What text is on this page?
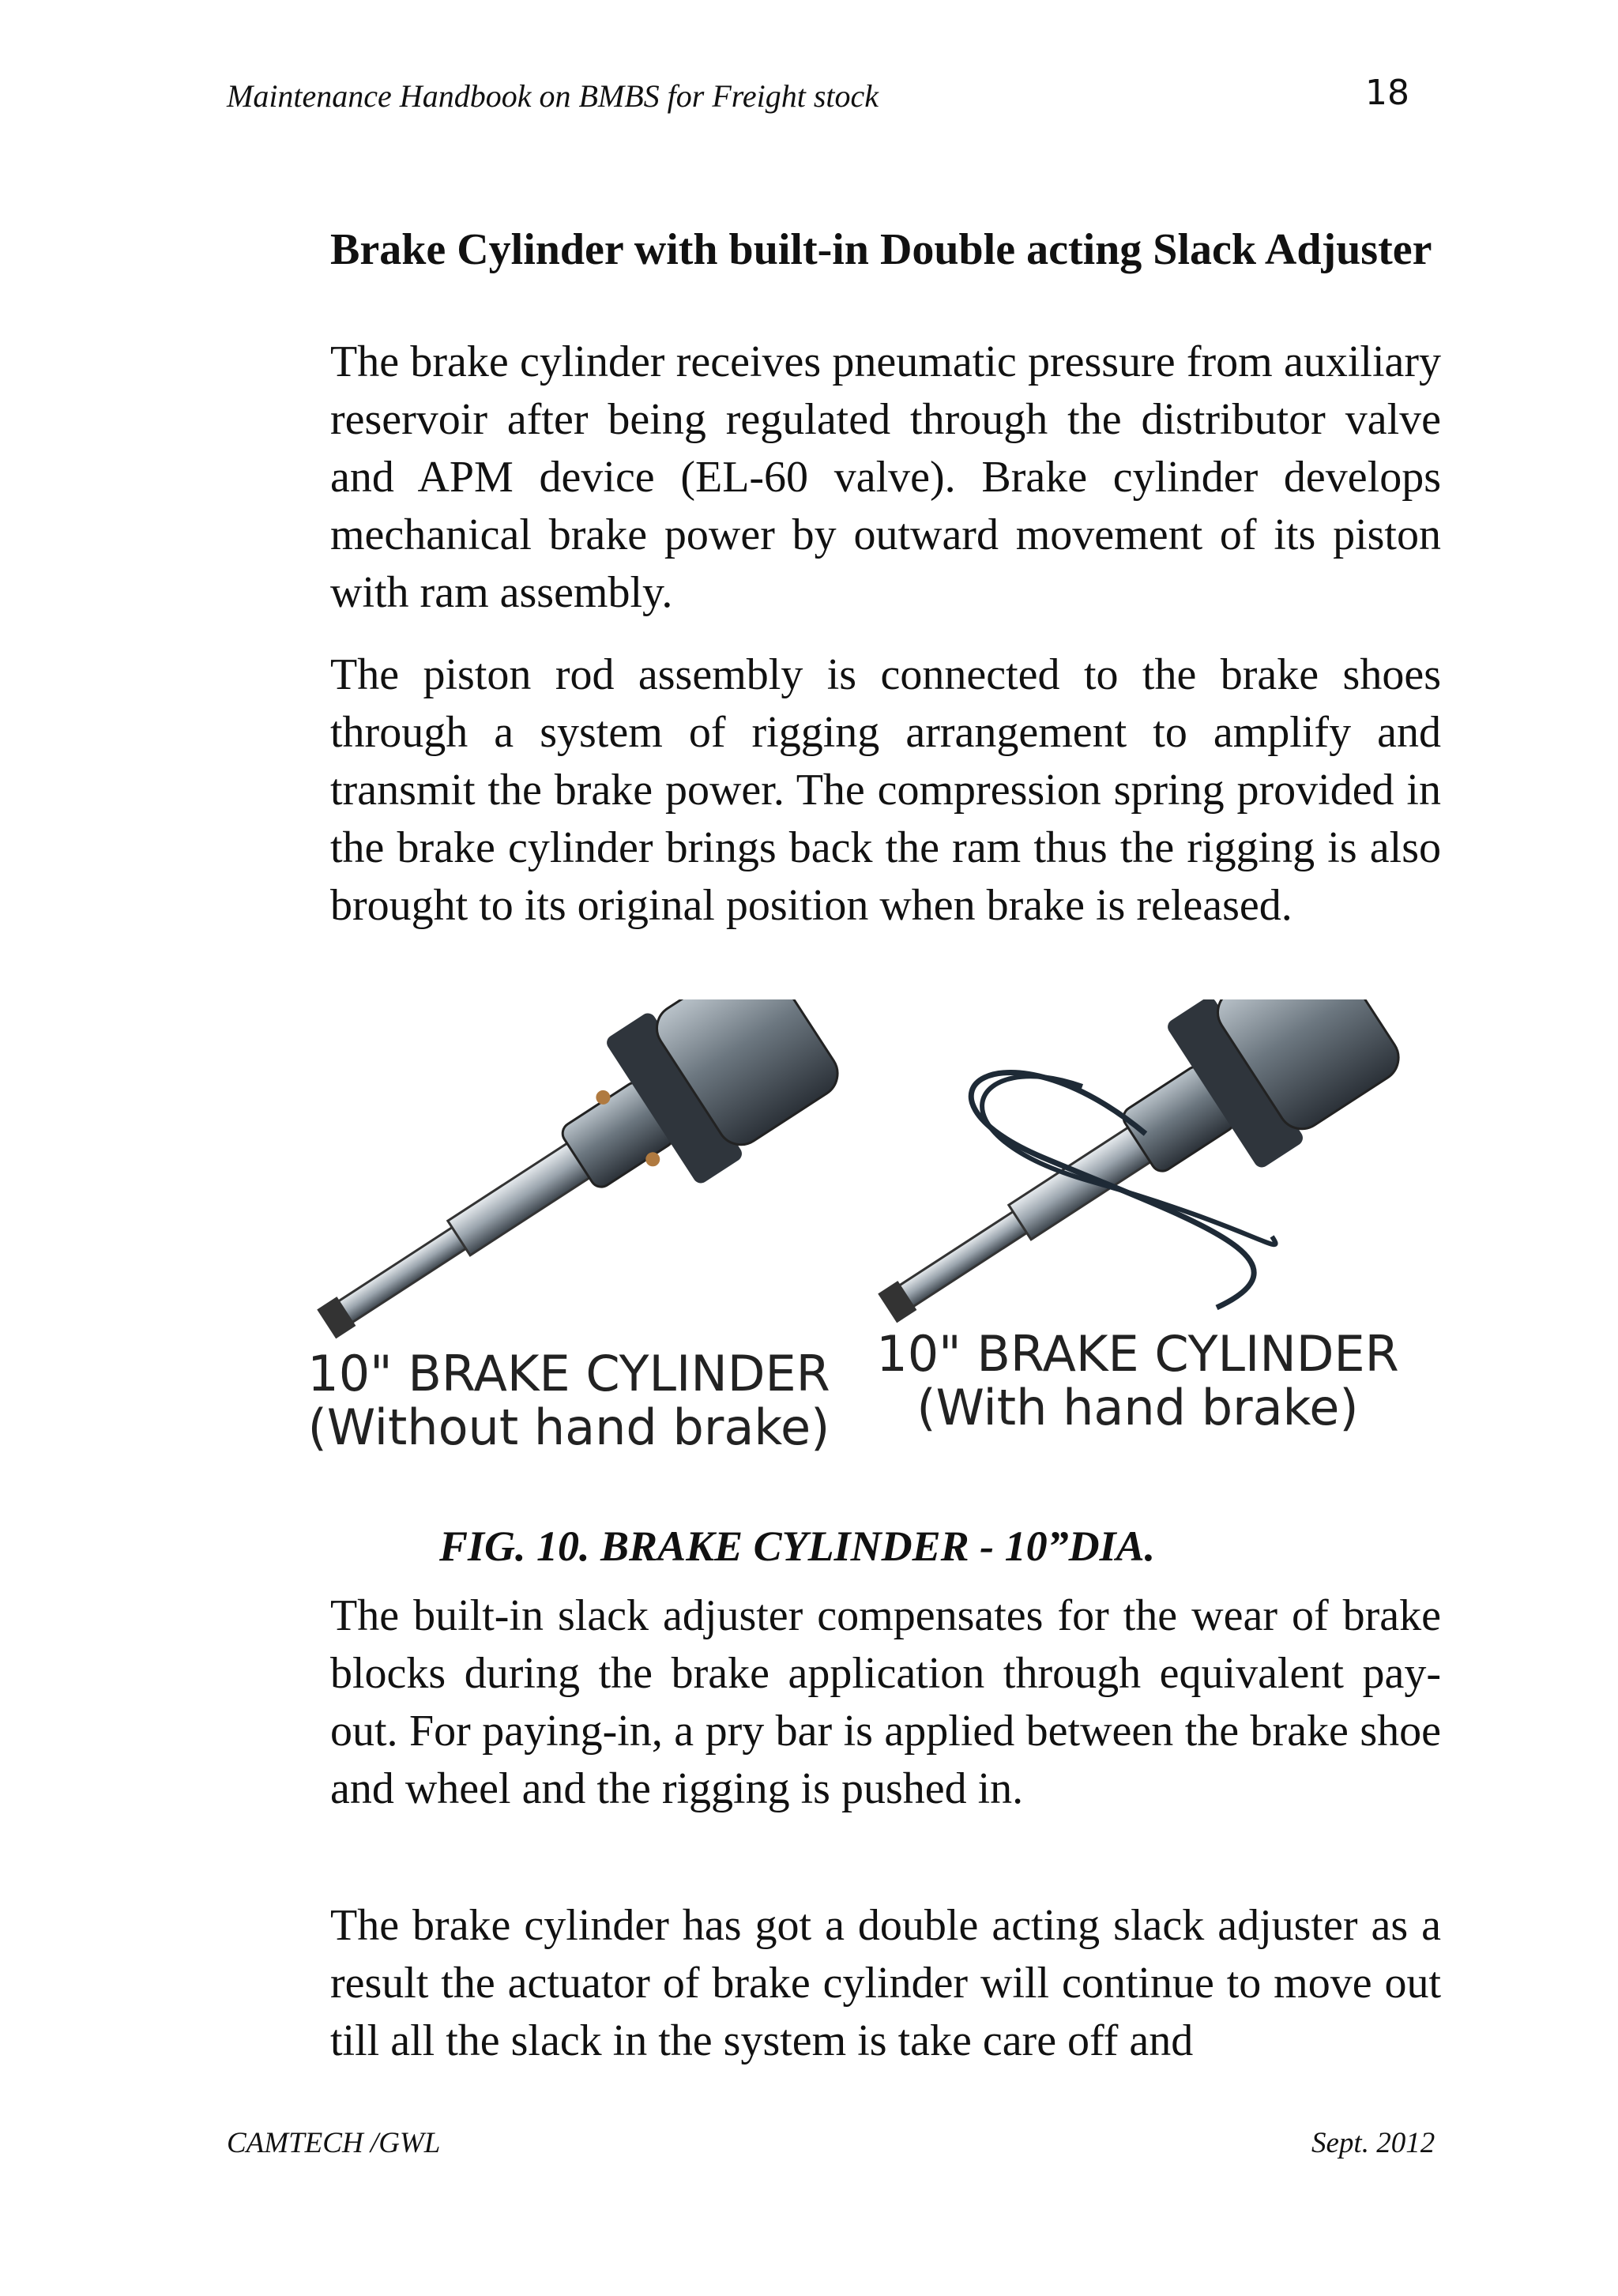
Maintenance Handbook on BMBS for Freight stock	18
Brake Cylinder with built-in Double acting Slack Adjuster

The brake cylinder receives pneumatic pressure from auxiliary reservoir after being regulated through the distributor valve and APM device (EL-60 valve). Brake cylinder develops mechanical brake power by outward movement of its piston with ram assembly.

The piston rod assembly is connected to the brake shoes through a system of rigging arrangement to amplify and transmit the brake power. The compression spring provided in the brake cylinder brings back the ram thus the rigging is also brought to its original position when brake is released.

10" BRAKE CYLINDER
(Without hand brake)
10" BRAKE CYLINDER
(With hand brake)
FIG. 10. BRAKE CYLINDER - 10”DIA.

The built-in slack adjuster compensates for the wear of brake blocks during the brake application through equivalent pay-out. For paying-in, a pry bar is applied between the brake shoe and wheel and the rigging is pushed in.

The brake cylinder has got a double acting slack adjuster as a result the actuator of brake cylinder will continue to move out till all the slack in the system is take care off and

CAMTECH /GWL	Sept. 2012
